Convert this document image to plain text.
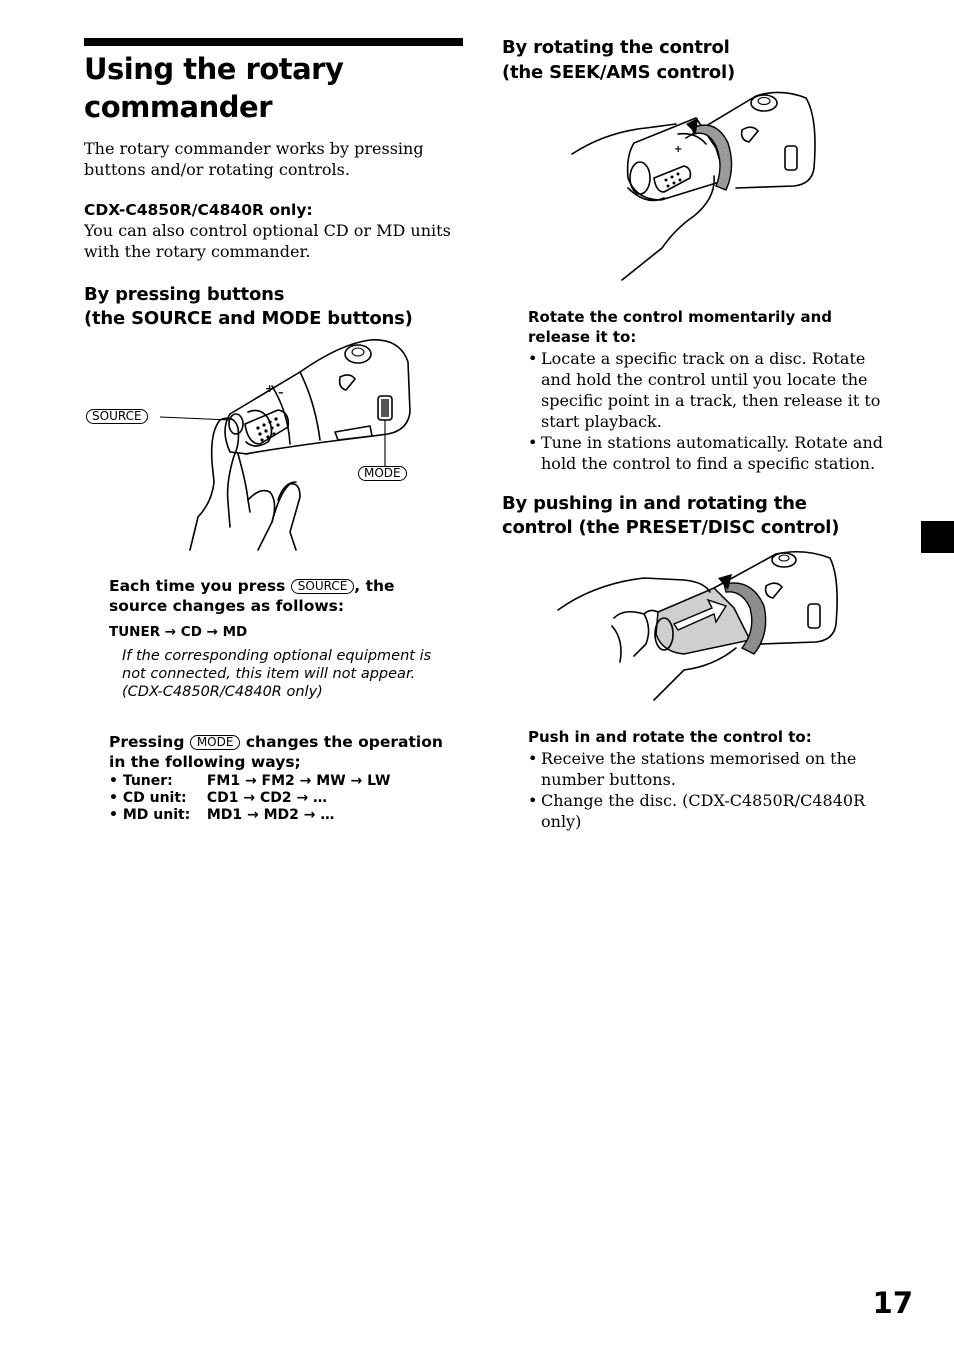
Using the rotary commander
The rotary commander works by pressing buttons and/or rotating controls.
CDX-C4850R/C4840R only:
You can also control optional CD or MD units with the rotary commander.
By pressing buttons
(the SOURCE and MODE buttons)
+ –
SOURCE
MODE
Each time you press SOURCE , the source changes as follows:
TUNER → CD → MD
If the corresponding optional equipment is not connected, this item will not appear. (CDX-C4850R/C4840R only)
Pressing MODE changes the operation in the following ways;
• Tuner: FM1 → FM2 → MW → LW
• CD unit: CD1 → CD2 → …
• MD unit: MD1 → MD2 → …
By rotating the control
(the SEEK/AMS control)
+
Rotate the control momentarily and release it to:
• Locate a specific track on a disc. Rotate and hold the control until you locate the specific point in a track, then release it to start playback.
• Tune in stations automatically. Rotate and hold the control to find a specific station.
By pushing in and rotating the control (the PRESET/DISC control)
Push in and rotate the control to:
• Receive the stations memorised on the number buttons.
• Change the disc. (CDX-C4850R/C4840R only)
17
